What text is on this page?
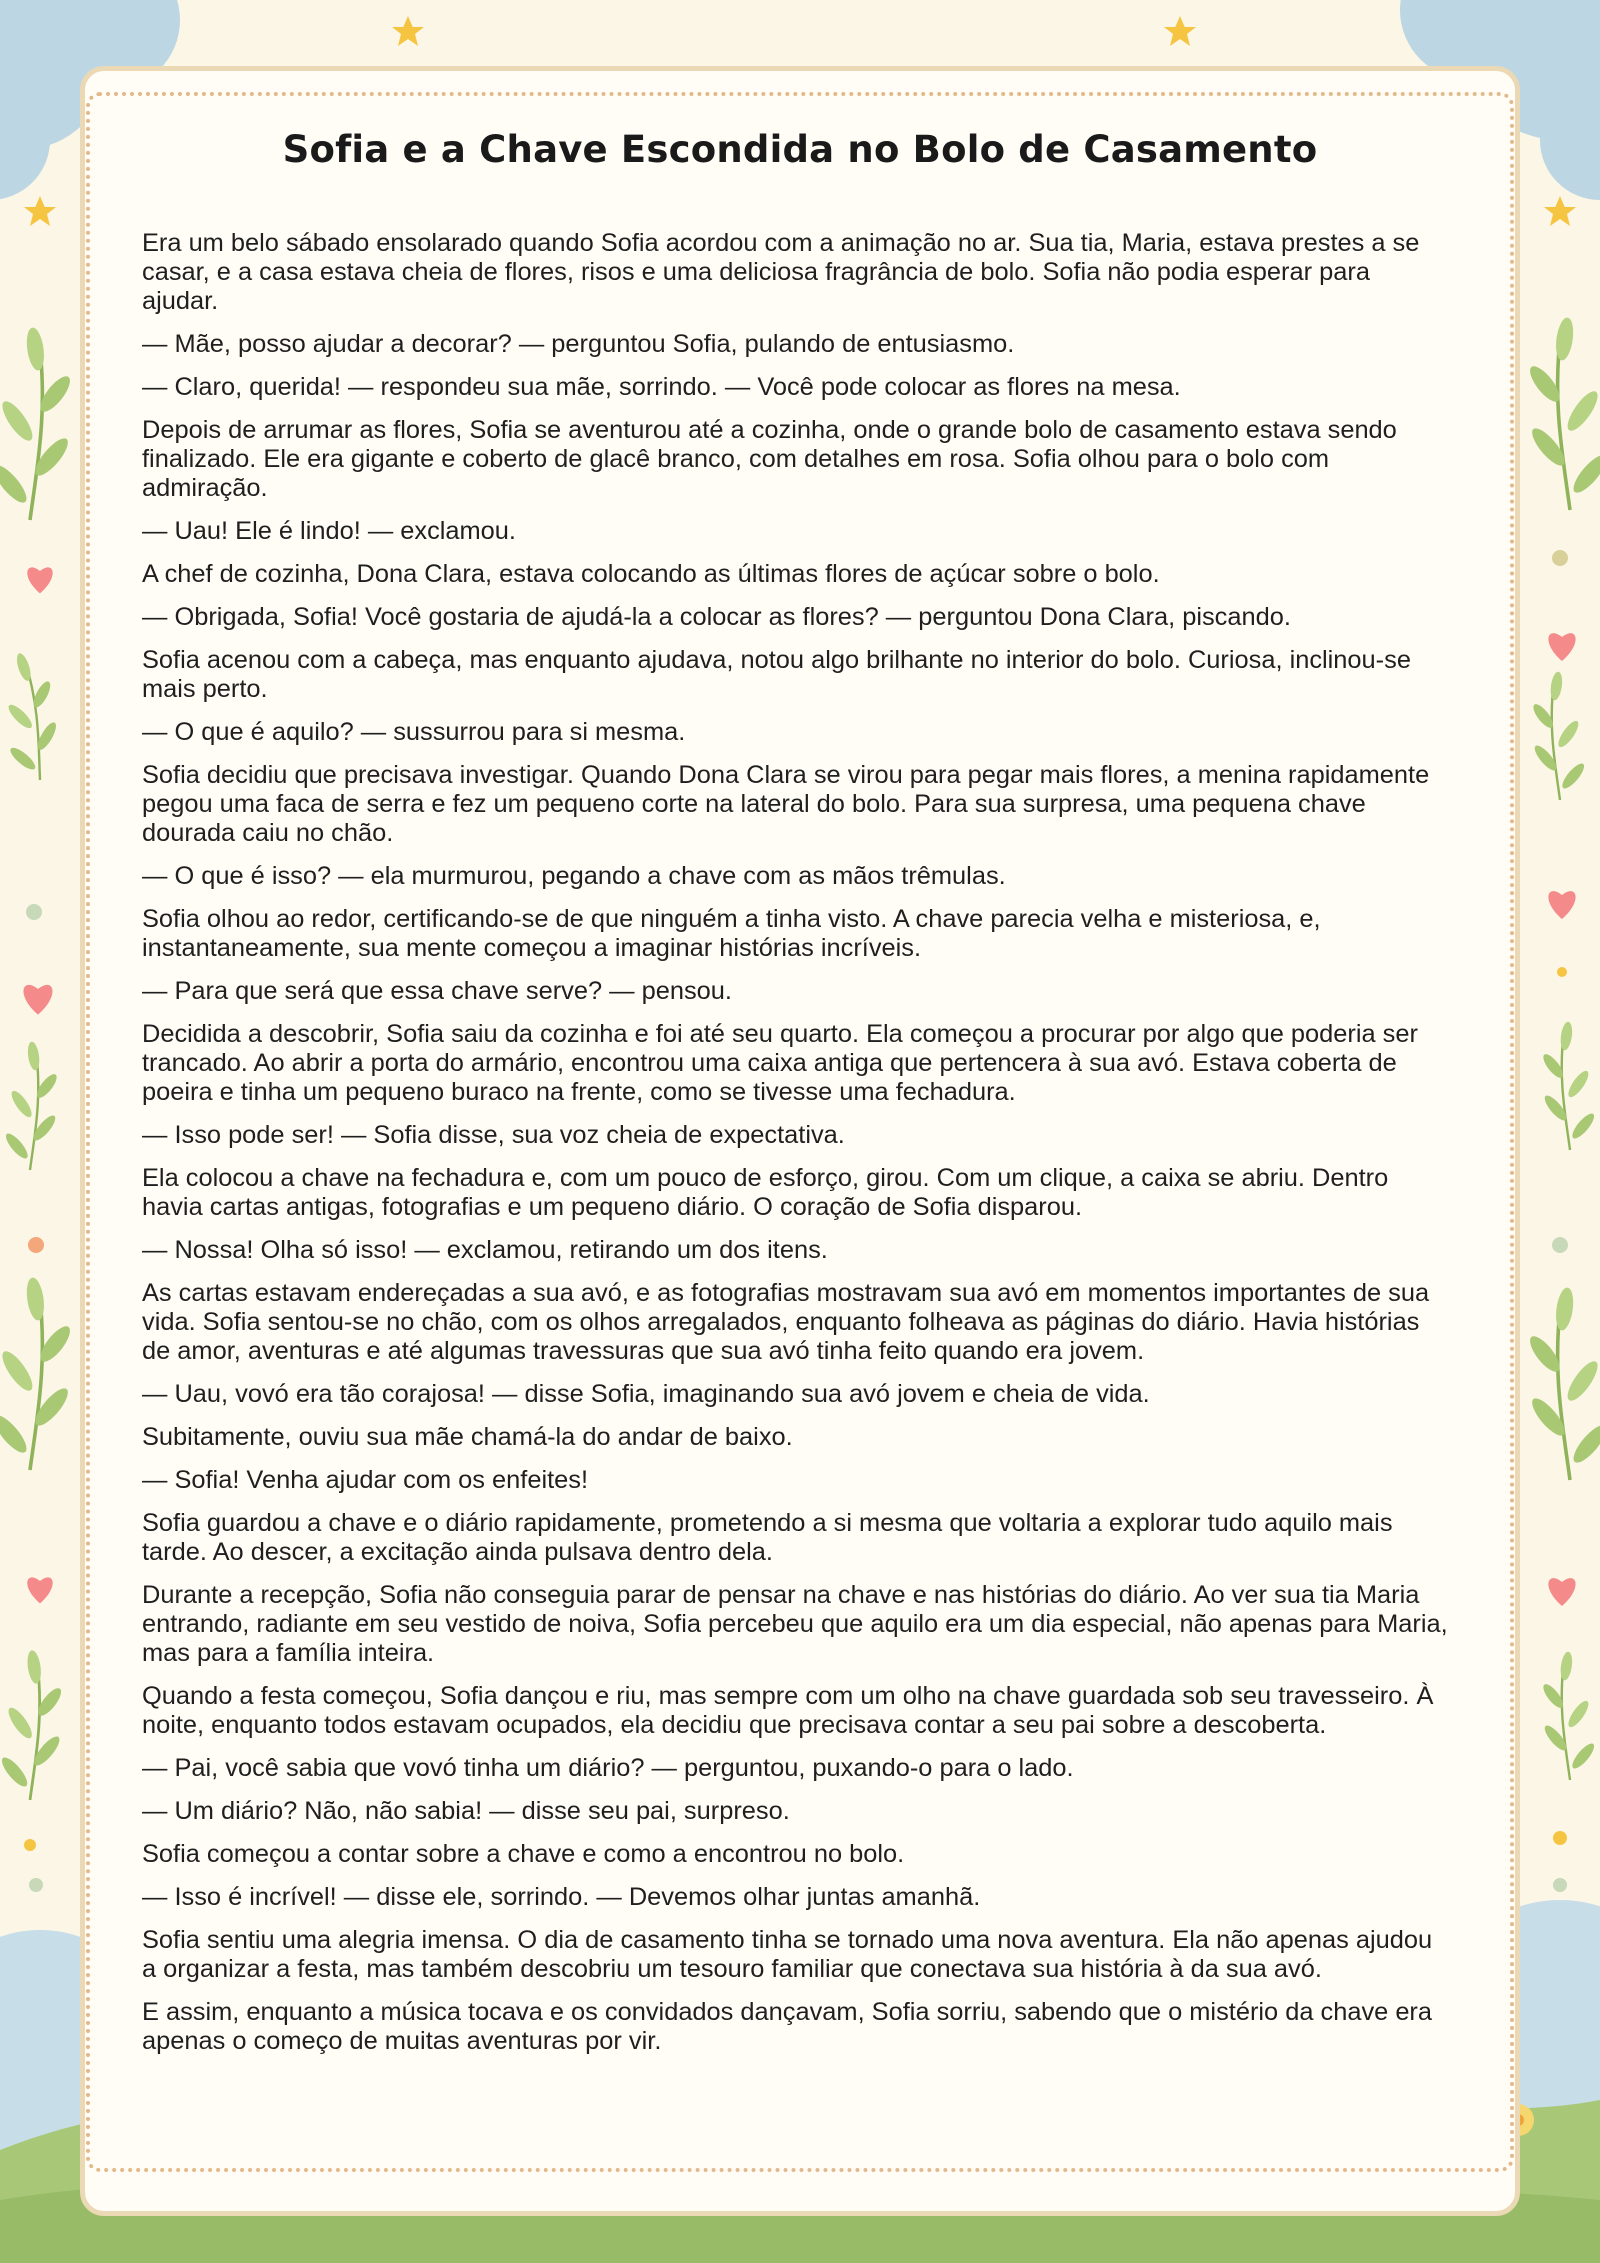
Sofia e a Chave Escondida no Bolo de Casamento

Era um belo sábado ensolarado quando Sofia acordou com a animação no ar. Sua tia, Maria, estava prestes a se casar, e a casa estava cheia de flores, risos e uma deliciosa fragrância de bolo. Sofia não podia esperar para ajudar.

— Mãe, posso ajudar a decorar? — perguntou Sofia, pulando de entusiasmo.

— Claro, querida! — respondeu sua mãe, sorrindo. — Você pode colocar as flores na mesa.

Depois de arrumar as flores, Sofia se aventurou até a cozinha, onde o grande bolo de casamento estava sendo finalizado. Ele era gigante e coberto de glacê branco, com detalhes em rosa. Sofia olhou para o bolo com admiração.

— Uau! Ele é lindo! — exclamou.

A chef de cozinha, Dona Clara, estava colocando as últimas flores de açúcar sobre o bolo.

— Obrigada, Sofia! Você gostaria de ajudá-la a colocar as flores? — perguntou Dona Clara, piscando.

Sofia acenou com a cabeça, mas enquanto ajudava, notou algo brilhante no interior do bolo. Curiosa, inclinou-se mais perto.

— O que é aquilo? — sussurrou para si mesma.

Sofia decidiu que precisava investigar. Quando Dona Clara se virou para pegar mais flores, a menina rapidamente pegou uma faca de serra e fez um pequeno corte na lateral do bolo. Para sua surpresa, uma pequena chave dourada caiu no chão.

— O que é isso? — ela murmurou, pegando a chave com as mãos trêmulas.

Sofia olhou ao redor, certificando-se de que ninguém a tinha visto. A chave parecia velha e misteriosa, e, instantaneamente, sua mente começou a imaginar histórias incríveis.

— Para que será que essa chave serve? — pensou.

Decidida a descobrir, Sofia saiu da cozinha e foi até seu quarto. Ela começou a procurar por algo que poderia ser trancado. Ao abrir a porta do armário, encontrou uma caixa antiga que pertencera à sua avó. Estava coberta de poeira e tinha um pequeno buraco na frente, como se tivesse uma fechadura.

— Isso pode ser! — Sofia disse, sua voz cheia de expectativa.

Ela colocou a chave na fechadura e, com um pouco de esforço, girou. Com um clique, a caixa se abriu. Dentro havia cartas antigas, fotografias e um pequeno diário. O coração de Sofia disparou.

— Nossa! Olha só isso! — exclamou, retirando um dos itens.

As cartas estavam endereçadas a sua avó, e as fotografias mostravam sua avó em momentos importantes de sua vida. Sofia sentou-se no chão, com os olhos arregalados, enquanto folheava as páginas do diário. Havia histórias de amor, aventuras e até algumas travessuras que sua avó tinha feito quando era jovem.

— Uau, vovó era tão corajosa! — disse Sofia, imaginando sua avó jovem e cheia de vida.

Subitamente, ouviu sua mãe chamá-la do andar de baixo.

— Sofia! Venha ajudar com os enfeites!

Sofia guardou a chave e o diário rapidamente, prometendo a si mesma que voltaria a explorar tudo aquilo mais tarde. Ao descer, a excitação ainda pulsava dentro dela.

Durante a recepção, Sofia não conseguia parar de pensar na chave e nas histórias do diário. Ao ver sua tia Maria entrando, radiante em seu vestido de noiva, Sofia percebeu que aquilo era um dia especial, não apenas para Maria, mas para a família inteira.

Quando a festa começou, Sofia dançou e riu, mas sempre com um olho na chave guardada sob seu travesseiro. À noite, enquanto todos estavam ocupados, ela decidiu que precisava contar a seu pai sobre a descoberta.

— Pai, você sabia que vovó tinha um diário? — perguntou, puxando-o para o lado.

— Um diário? Não, não sabia! — disse seu pai, surpreso.

Sofia começou a contar sobre a chave e como a encontrou no bolo.

— Isso é incrível! — disse ele, sorrindo. — Devemos olhar juntas amanhã.

Sofia sentiu uma alegria imensa. O dia de casamento tinha se tornado uma nova aventura. Ela não apenas ajudou a organizar a festa, mas também descobriu um tesouro familiar que conectava sua história à da sua avó.

E assim, enquanto a música tocava e os convidados dançavam, Sofia sorriu, sabendo que o mistério da chave era apenas o começo de muitas aventuras por vir.
